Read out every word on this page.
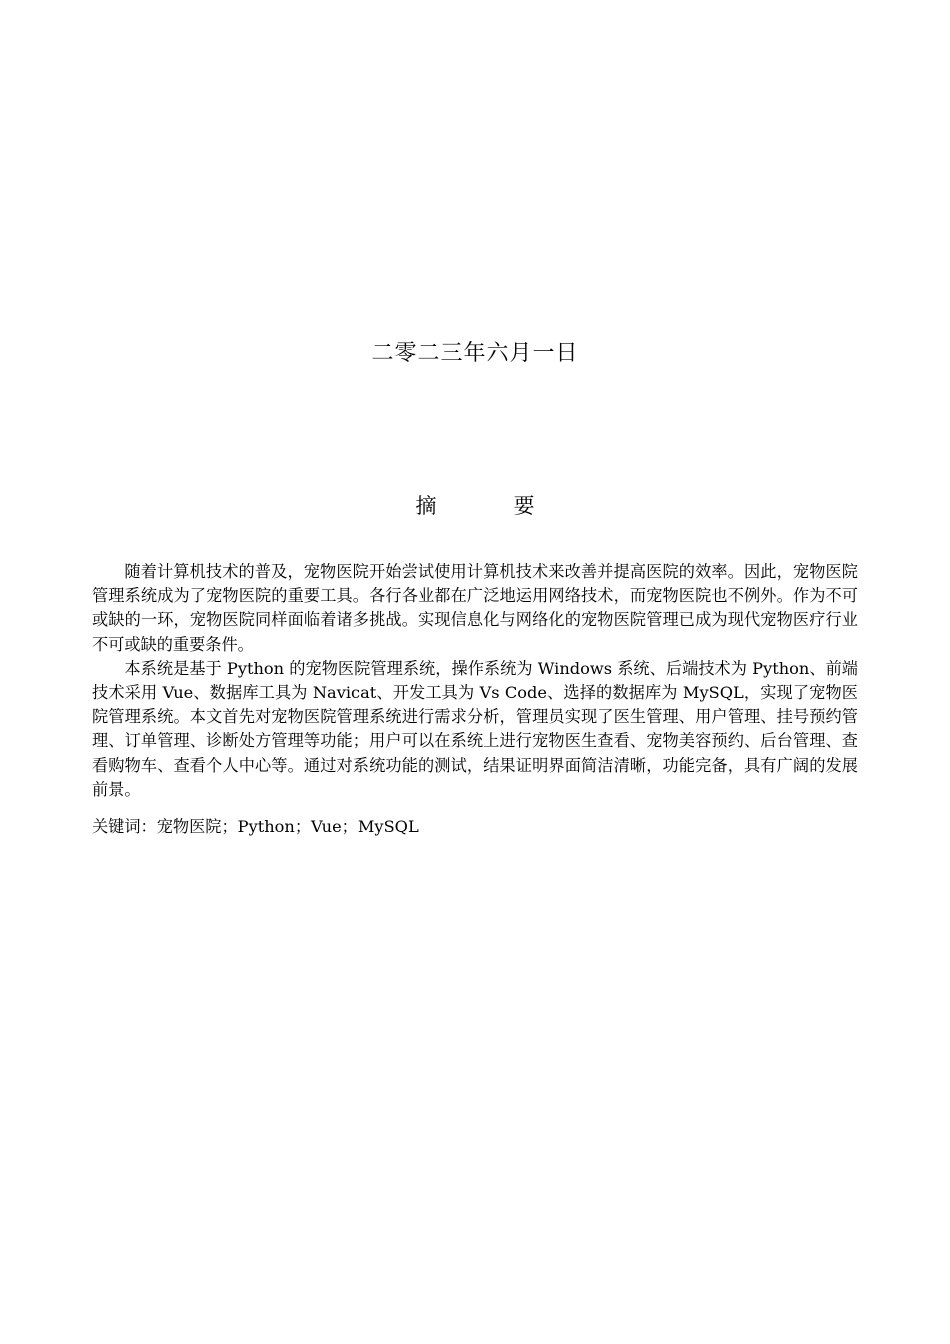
二零二三年六月一日
摘　要

随着计算机技术的普及，宠物医院开始尝试使用计算机技术来改善并提高医院的效率。因此，宠物医院管理系统成为了宠物医院的重要工具。各行各业都在广泛地运用网络技术，而宠物医院也不例外。作为不可或缺的一环，宠物医院同样面临着诸多挑战。实现信息化与网络化的宠物医院管理已成为现代宠物医疗行业不可或缺的重要条件。

本系统是基于 Python 的宠物医院管理系统，操作系统为 Windows 系统、后端技术为 Python、前端技术采用 Vue、数据库工具为 Navicat、开发工具为 Vs Code、选择的数据库为 MySQL，实现了宠物医院管理系统。本文首先对宠物医院管理系统进行需求分析，管理员实现了医生管理、用户管理、挂号预约管理、订单管理、诊断处方管理等功能；用户可以在系统上进行宠物医生查看、宠物美容预约、后台管理、查看购物车、查看个人中心等。通过对系统功能的测试，结果证明界面简洁清晰，功能完备，具有广阔的发展前景。

关键词：宠物医院；Python；Vue；MySQL
